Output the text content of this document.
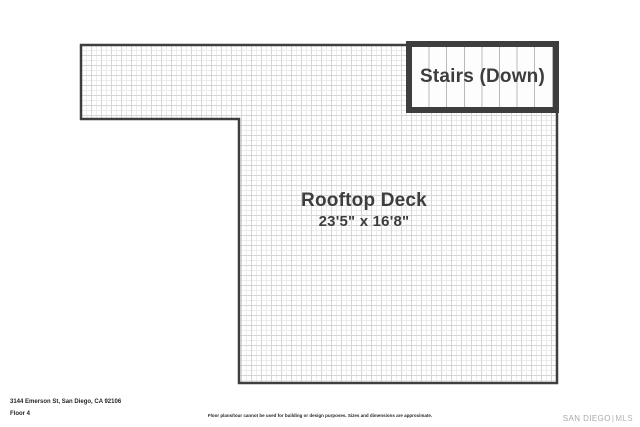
Stairs (Down)
Rooftop Deck
23'5" x 16'8"
3144 Emerson St, San Diego, CA 92106
Floor 4	Floor plans/tour cannot be used for building or design purposes. Sizes and dimensions are approximate.	SAN DIEGO | MLS
